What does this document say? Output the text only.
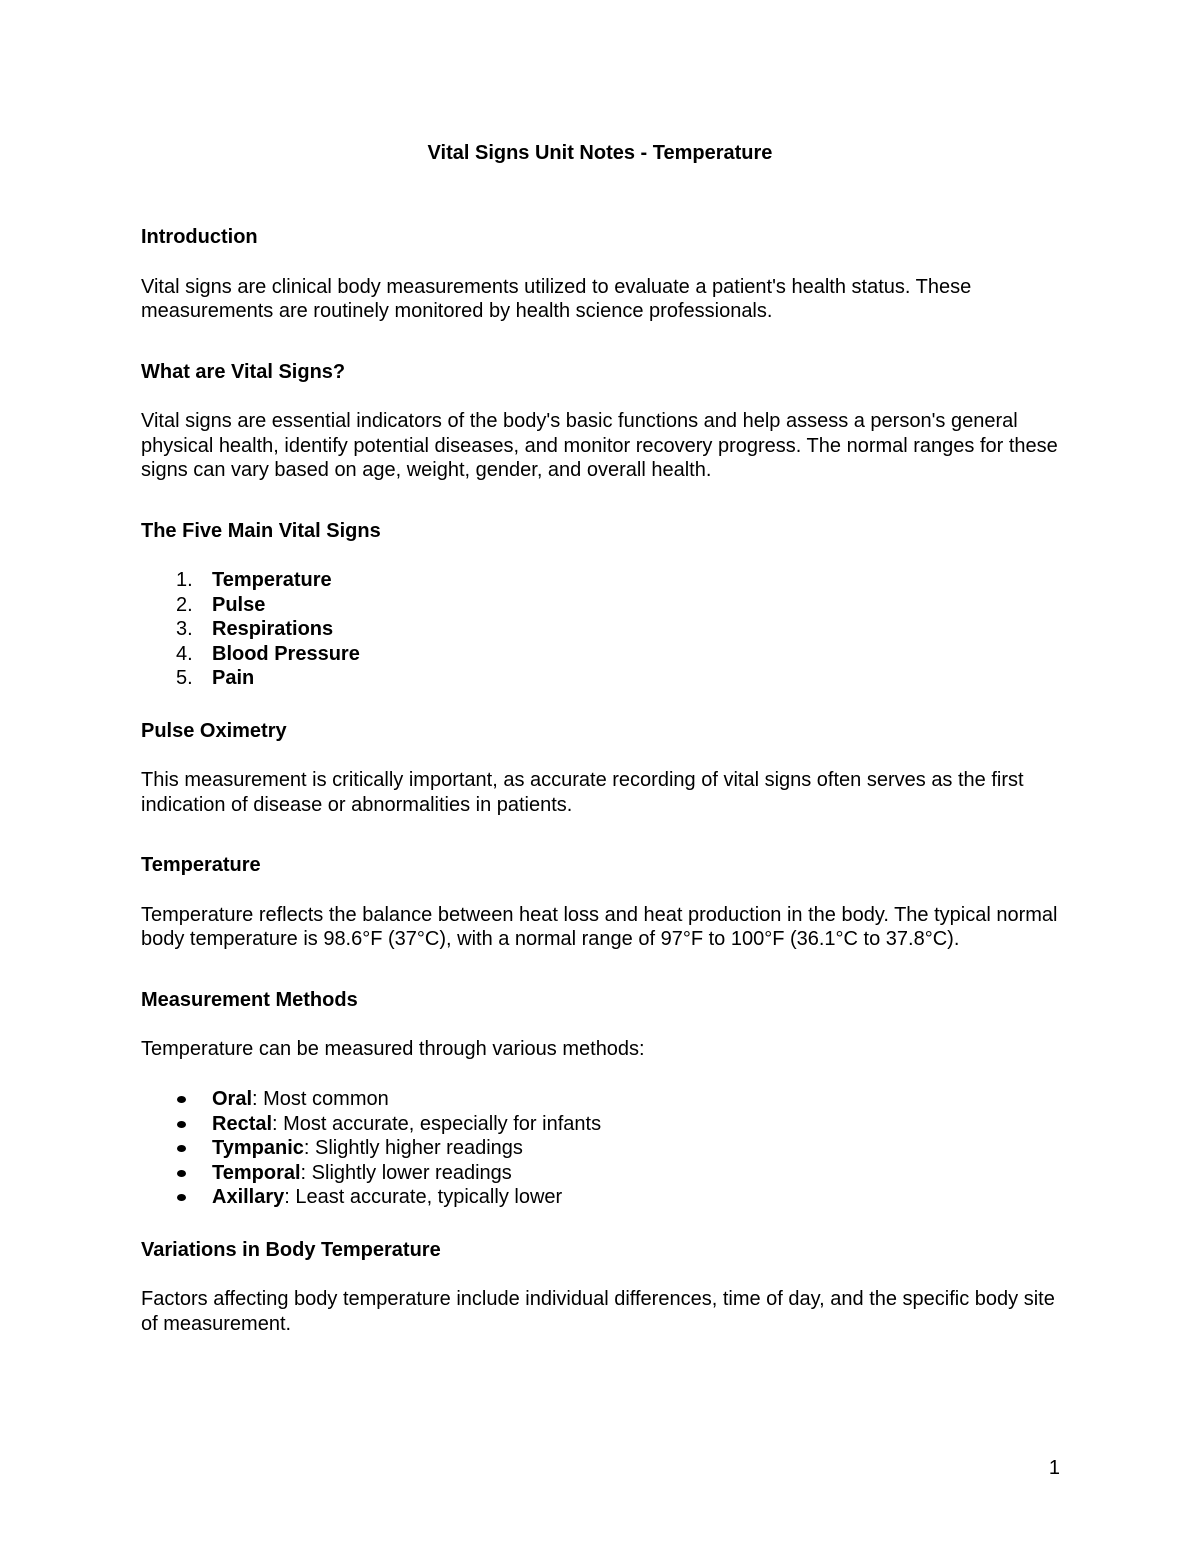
Vital Signs Unit Notes - Temperature
Introduction

Vital signs are clinical body measurements utilized to evaluate a patient's health status. These measurements are routinely monitored by health science professionals.

What are Vital Signs?

Vital signs are essential indicators of the body's basic functions and help assess a person's general physical health, identify potential diseases, and monitor recovery progress. The normal ranges for these signs can vary based on age, weight, gender, and overall health.

The Five Main Vital Signs
1. Temperature
2. Pulse
3. Respirations
4. Blood Pressure
5. Pain
Pulse Oximetry

This measurement is critically important, as accurate recording of vital signs often serves as the first indication of disease or abnormalities in patients.

Temperature

Temperature reflects the balance between heat loss and heat production in the body. The typical normal body temperature is 98.6°F (37°C), with a normal range of 97°F to 100°F (36.1°C to 37.8°C).

Measurement Methods

Temperature can be measured through various methods:

Oral: Most common
Rectal: Most accurate, especially for infants
Tympanic: Slightly higher readings
Temporal: Slightly lower readings
Axillary: Least accurate, typically lower
Variations in Body Temperature

Factors affecting body temperature include individual differences, time of day, and the specific body site of measurement.

1
